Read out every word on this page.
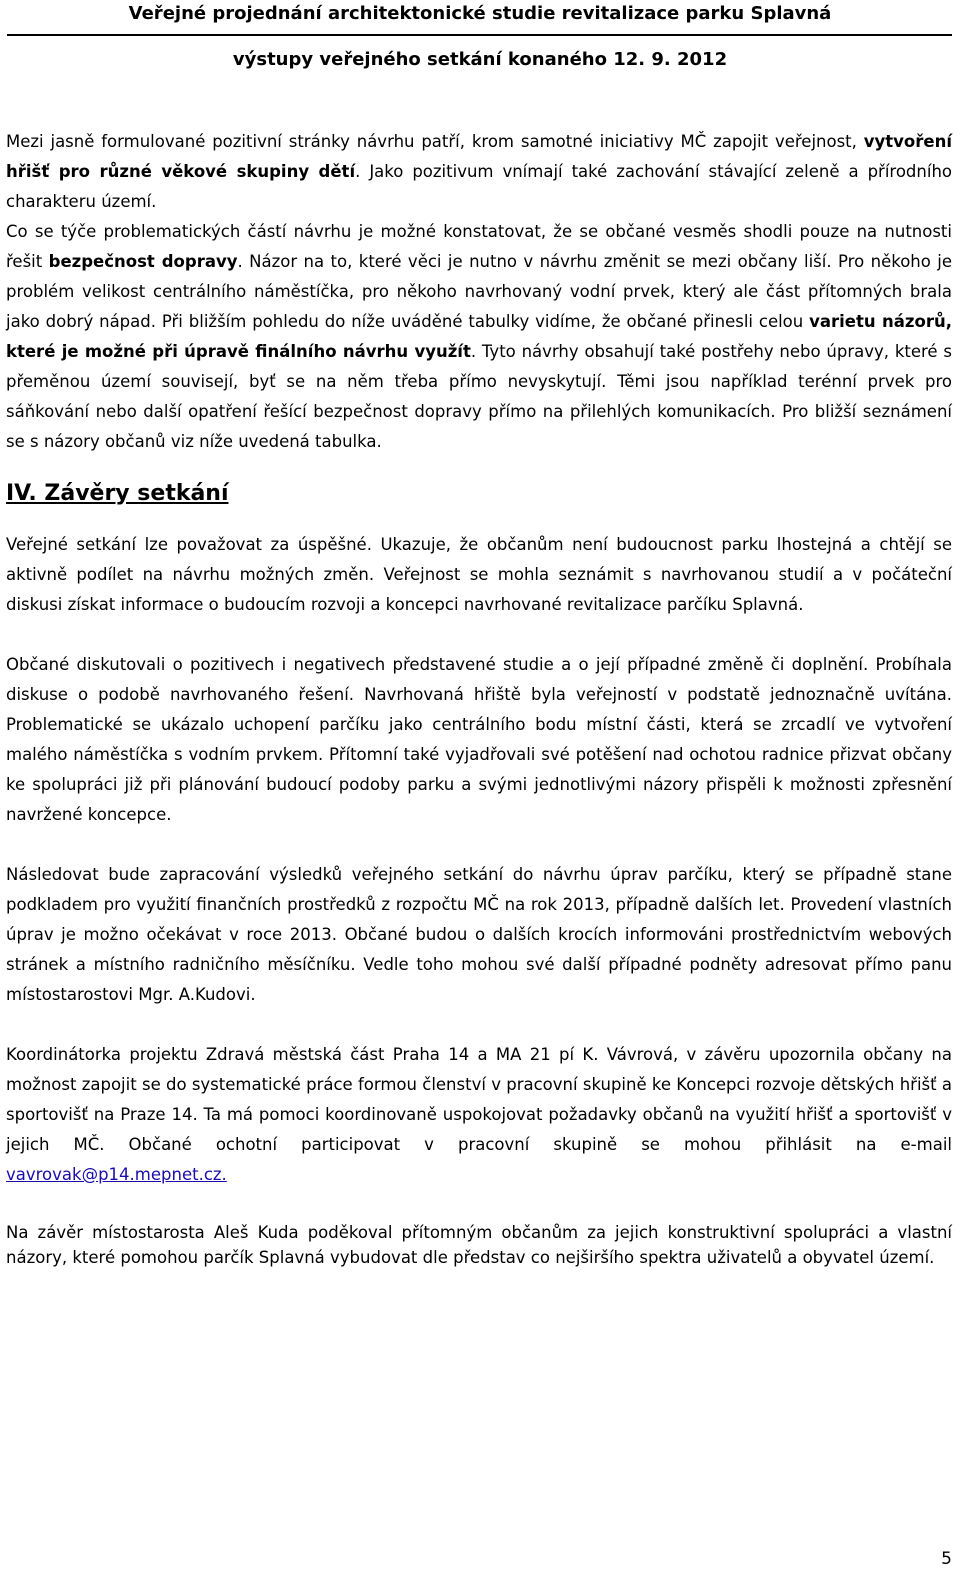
Veřejné projednání architektonické studie revitalizace parku Splavná
výstupy veřejného setkání konaného 12. 9. 2012

Mezi jasně formulované pozitivní stránky návrhu patří, krom samotné iniciativy MČ zapojit veřejnost, vytvoření hřišť pro různé věkové skupiny dětí. Jako pozitivum vnímají také zachování stávající zeleně a přírodního charakteru území.

Co se týče problematických částí návrhu je možné konstatovat, že se občané vesměs shodli pouze na nutnosti řešit bezpečnost dopravy. Názor na to, které věci je nutno v návrhu změnit se mezi občany liší. Pro někoho je problém velikost centrálního náměstíčka, pro někoho navrhovaný vodní prvek, který ale část přítomných brala jako dobrý nápad. Při bližším pohledu do níže uváděné tabulky vidíme, že občané přinesli celou varietu názorů, které je možné při úpravě finálního návrhu využít. Tyto návrhy obsahují také postřehy nebo úpravy, které s přeměnou území souvisejí, byť se na něm třeba přímo nevyskytují. Těmi jsou například terénní prvek pro sáňkování nebo další opatření řešící bezpečnost dopravy přímo na přilehlých komunikacích. Pro bližší seznámení se s názory občanů viz níže uvedená tabulka.

IV. Závěry setkání

Veřejné setkání lze považovat za úspěšné. Ukazuje, že občanům není budoucnost parku lhostejná a chtějí se aktivně podílet na návrhu možných změn. Veřejnost se mohla seznámit s navrhovanou studií a v počáteční diskusi získat informace o budoucím rozvoji a koncepci navrhované revitalizace parčíku Splavná.

Občané diskutovali o pozitivech i negativech představené studie a o její případné změně či doplnění. Probíhala diskuse o podobě navrhovaného řešení. Navrhovaná hřiště byla veřejností v podstatě jednoznačně uvítána. Problematické se ukázalo uchopení parčíku jako centrálního bodu místní části, která se zrcadlí ve vytvoření malého náměstíčka s vodním prvkem. Přítomní také vyjadřovali své potěšení nad ochotou radnice přizvat občany ke spolupráci již při plánování budoucí podoby parku a svými jednotlivými názory přispěli k možnosti zpřesnění navržené koncepce.

Následovat bude zapracování výsledků veřejného setkání do návrhu úprav parčíku, který se případně stane podkladem pro využití finančních prostředků z rozpočtu MČ na rok 2013, případně dalších let. Provedení vlastních úprav je možno očekávat v roce 2013. Občané budou o dalších krocích informováni prostřednictvím webových stránek a místního radničního měsíčníku. Vedle toho mohou své další případné podněty adresovat přímo panu místostarostovi Mgr. A.Kudovi.

Koordinátorka projektu Zdravá městská část Praha 14 a MA 21 pí K. Vávrová, v závěru upozornila občany na možnost zapojit se do systematické práce formou členství v pracovní skupině ke Koncepci rozvoje dětských hřišť a sportovišť na Praze 14. Ta má pomoci koordinovaně uspokojovat požadavky občanů na využití hřišť a sportovišť v jejich MČ. Občané ochotní participovat v pracovní skupině se mohou přihlásit na e-mail vavrovak@p14.mepnet.cz.

Na závěr místostarosta Aleš Kuda poděkoval přítomným občanům za jejich konstruktivní spolupráci a vlastní názory, které pomohou parčík Splavná vybudovat dle představ co nejširšího spektra uživatelů a obyvatel území.

5
